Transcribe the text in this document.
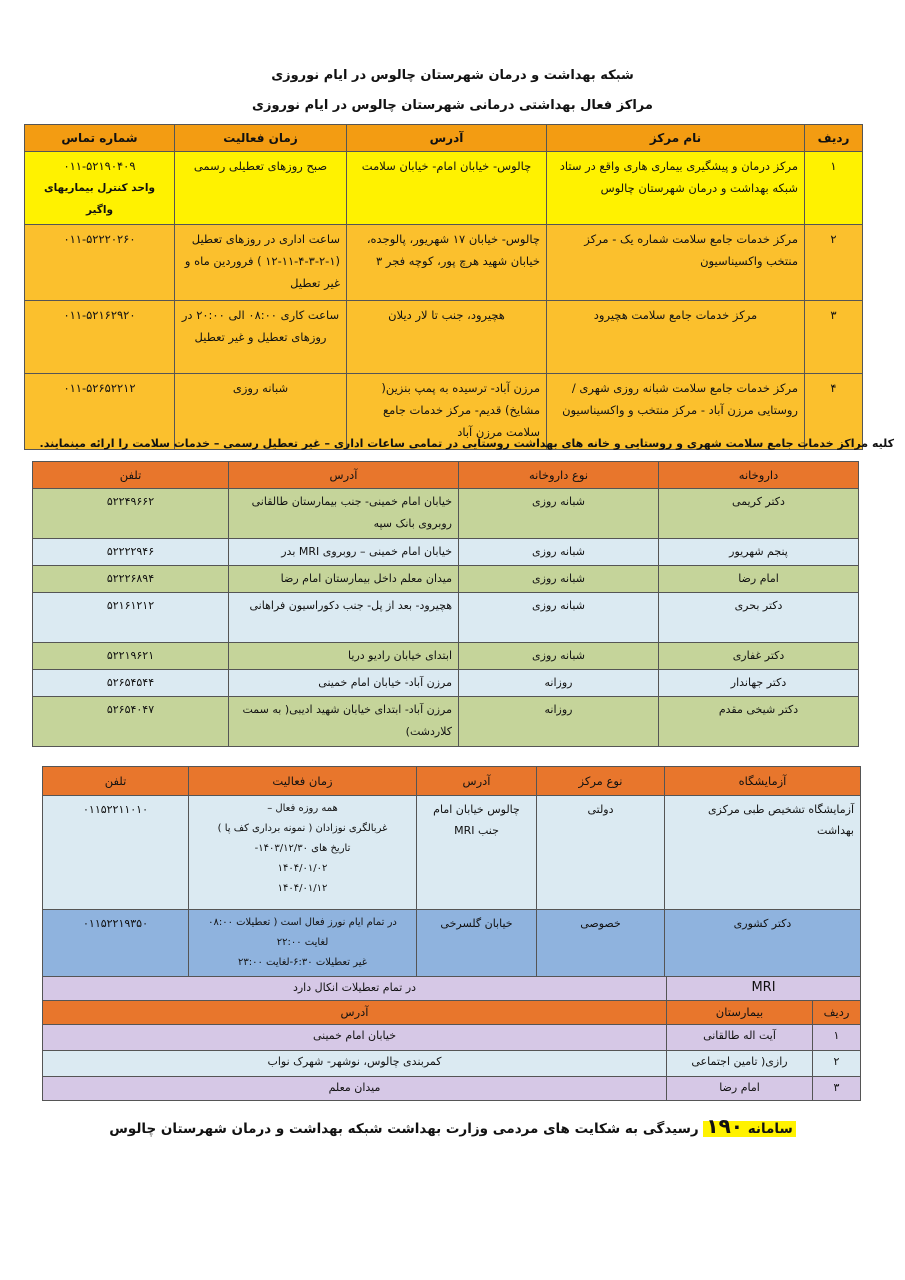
شبکه بهداشت و درمان شهرستان چالوس در ایام نوروزی
مراکز فعال بهداشتی درمانی شهرستان چالوس در ایام نوروزی
ردیف	نام مرکز	آدرس	زمان فعالیت	شماره تماس
۱	مرکز درمان و پیشگیری بیماری هاری واقع در ستاد شبکه بهداشت و درمان شهرستان چالوس	چالوس- خیابان امام- خیابان سلامت	صبح روزهای تعطیلی رسمی	۰۱۱-۵۲۱۹۰۴۰۹
واحد کنترل بیماریهای واگیر

۲	مرکز خدمات جامع سلامت شماره یک - مرکز منتخب واکسیناسیون	چالوس- خیابان ۱۷ شهریور، پالوجده، خیابان شهید هرچ پور، کوچه فجر ۳	ساعت اداری در روزهای تعطیل (۱-۲-۳-۴-۱۱-۱۲ ) فروردین ماه و غیر تعطیل	۰۱۱-۵۲۲۲۰۲۶۰
۳	مرکز خدمات جامع سلامت هچیرود	هچیرود، جنب تا لار دیلان	ساعت کاری ۰۸:۰۰ الی ۲۰:۰۰ در روزهای تعطیل و غیر تعطیل	۰۱۱-۵۲۱۶۲۹۲۰
۴	مرکز خدمات جامع سلامت شبانه روزی شهری / روستایی مرزن آباد - مرکز منتخب و واکسیناسیون	مرزن آباد- ترسیده به پمپ بنزین( مشایخ) قدیم- مرکز خدمات جامع سلامت مرزن آباد	شبانه روزی	۰۱۱-۵۲۶۵۲۲۱۲
کلیه مراکز خدمات جامع سلامت شهری و روستایی و خانه های بهداشت روستایی در تمامی ساعات اداری – غیر تعطیل رسمی – خدمات سلامت را ارائه مینمایند.
داروخانه	نوع داروخانه	آدرس	تلفن
دکتر کریمی	شبانه روزی	خیابان امام خمینی- جنب بیمارستان طالقانی روبروی بانک سپه	۵۲۲۴۹۶۶۲
پنجم شهریور	شبانه روزی	خیابان امام خمینی – روبروی MRI بدر	۵۲۲۲۲۹۴۶
امام رضا	شبانه روزی	میدان معلم داخل بیمارستان امام رضا	۵۲۲۲۶۸۹۴
دکتر بحری	شبانه روزی	هچیرود- بعد از پل- جنب دکوراسیون فراهانی	۵۲۱۶۱۲۱۲
دکتر غفاری	شبانه روزی	ابتدای خیابان رادیو دریا	۵۲۲۱۹۶۲۱
دکتر جهاندار	روزانه	مرزن آباد- خیابان امام خمینی	۵۲۶۵۴۵۴۴
دکتر شیخی مقدم	روزانه	مرزن آباد- ابتدای خیابان شهید ادیبی( به سمت کلاردشت)	۵۲۶۵۴۰۴۷
آزمایشگاه	نوع مرکز	آدرس	زمان فعالیت	تلفن
آزمایشگاه تشخیص طبی مرکزی بهداشت	دولتی	چالوس خیابان امام جنب MRI	همه روزه فعال –
غربالگری نوزادان ( نمونه برداری کف پا )
تاریخ های ۱۴۰۳/۱۲/۳۰-
۱۴۰۴/۰۱/۰۲
۱۴۰۴/۰۱/۱۲	۰۱۱۵۲۲۱۱۰۱۰
دکتر کشوری	خصوصی	خیابان گلسرخی	در تمام ایام نورز فعال است ( تعطیلات ۰۸:۰۰ لغایت ۲۲:۰۰
غیر تعطیلات ۶:۳۰-لغایت ۲۳:۰۰	۰۱۱۵۲۲۱۹۳۵۰
MRI		در تمام تعطیلات انکال دارد
ردیف	بیمارستان	آدرس
۱	آیت اله طالقانی	خیابان امام خمینی
۲	رازی( تامین اجتماعی	کمربندی چالوس، نوشهر- شهرک نواب
۳	امام رضا	میدان معلم
سامانه ۱۹۰ رسیدگی به شکایت های مردمی وزارت بهداشت شبکه بهداشت و درمان شهرستان چالوس
